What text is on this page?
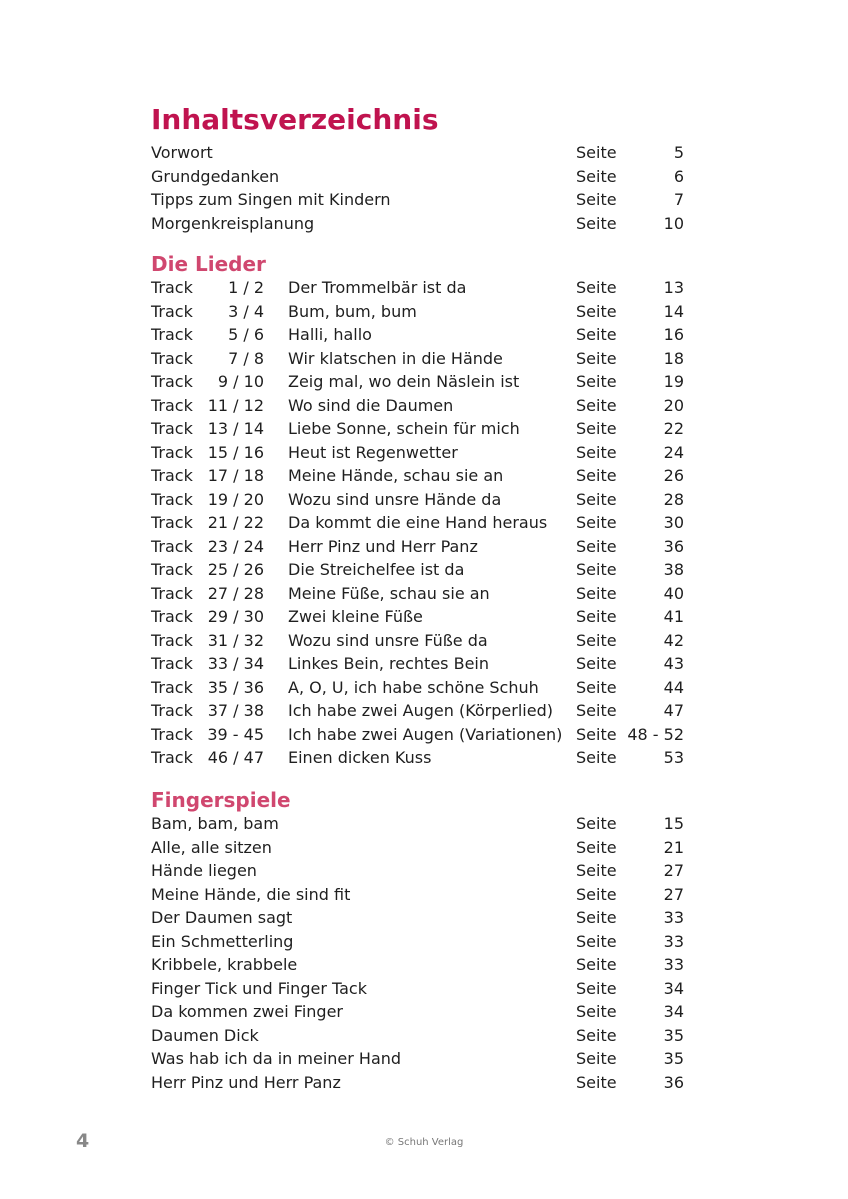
Inhaltsverzeichnis
Vorwort	Seite	5
Grundgedanken	Seite	6
Tipps zum Singen mit Kindern	Seite	7
Morgenkreisplanung	Seite	10
Die Lieder
Track	1 / 2 Der Trommelbär ist da	Seite	13
Track	3 / 4 Bum, bum, bum	Seite	14
Track	5 / 6 Halli, hallo	Seite	16
Track	7 / 8 Wir klatschen in die Hände	Seite	18
Track	9 / 10 Zeig mal, wo dein Näslein ist	Seite	19
Track 11 / 12 Wo sind die Daumen	Seite	20
Track 13 / 14 Liebe Sonne, schein für mich	Seite	22
Track 15 / 16 Heut ist Regenwetter	Seite	24
Track 17 / 18 Meine Hände, schau sie an	Seite	26
Track 19 / 20 Wozu sind unsre Hände da	Seite	28
Track 21 / 22 Da kommt die eine Hand heraus Seite	30
Track 23 / 24 Herr Pinz und Herr Panz	Seite	36
Track 25 / 26 Die Streichelfee ist da	Seite	38
Track 27 / 28 Meine Füße, schau sie an	Seite	40
Track 29 / 30 Zwei kleine Füße	Seite	41
Track 31 / 32 Wozu sind unsre Füße da	Seite	42
Track 33 / 34 Linkes Bein, rechtes Bein	Seite	43
Track 35 / 36 A, O, U, ich habe schöne Schuh Seite	44
Track 37 / 38 Ich habe zwei Augen (Körperlied) Seite	47
Track 39 - 45 Ich habe zwei Augen (Variationen) Seite 48 - 52
Track 46 / 47 Einen dicken Kuss	Seite	53
Fingerspiele
Bam, bam, bam	Seite	15
Alle, alle sitzen	Seite	21
Hände liegen	Seite	27
Meine Hände, die sind fit	Seite	27
Der Daumen sagt	Seite	33
Ein Schmetterling	Seite	33
Kribbele, krabbele	Seite	33
Finger Tick und Finger Tack	Seite	34
Da kommen zwei Finger	Seite	34
Daumen Dick	Seite	35
Was hab ich da in meiner Hand	Seite	35
Herr Pinz und Herr Panz	Seite	36
4	© Schuh Verlag
